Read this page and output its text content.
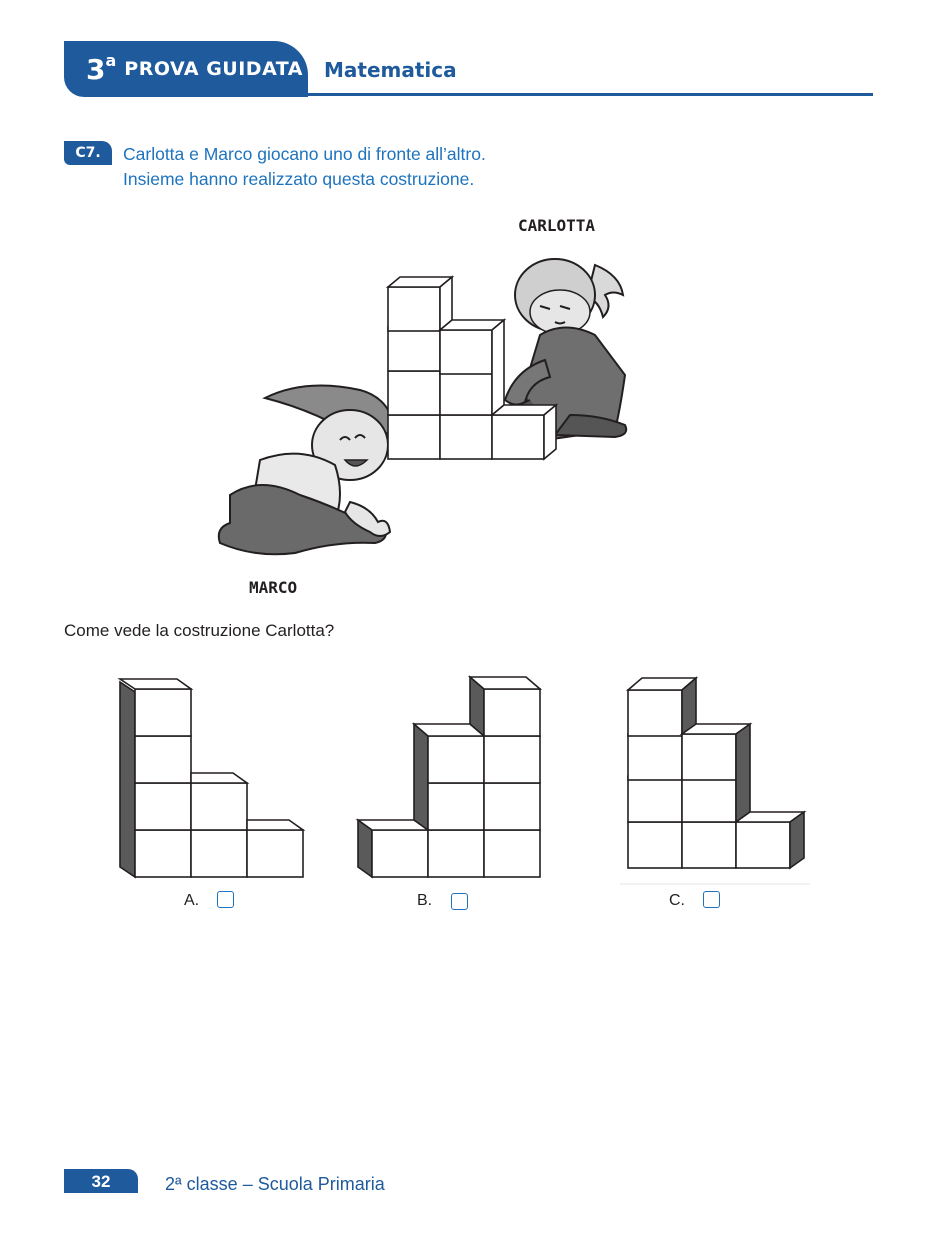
3 a PROVA GUIDATA Matematica
C7.	Carlotta e Marco giocano uno di fronte all’altro.
Insieme hanno realizzato questa costruzione.
CARLOTTA
MARCO
Come vede la costruzione Carlotta?
A.	B.	C.
32	2ª classe – Scuola Primaria
